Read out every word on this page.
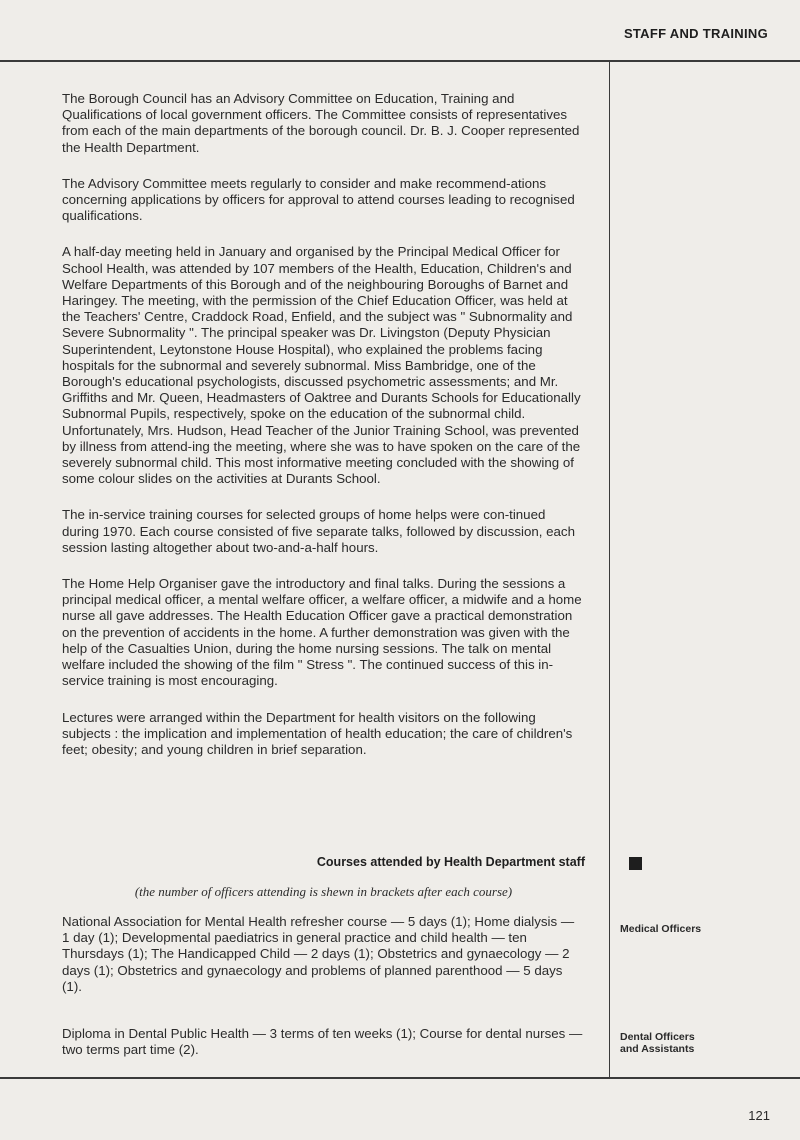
STAFF AND TRAINING

The Borough Council has an Advisory Committee on Education, Training and Qualifications of local government officers. The Committee consists of representatives from each of the main departments of the borough council. Dr. B. J. Cooper represented the Health Department.

The Advisory Committee meets regularly to consider and make recommend-ations concerning applications by officers for approval to attend courses leading to recognised qualifications.

A half-day meeting held in January and organised by the Principal Medical Officer for School Health, was attended by 107 members of the Health, Education, Children's and Welfare Departments of this Borough and of the neighbouring Boroughs of Barnet and Haringey. The meeting, with the permission of the Chief Education Officer, was held at the Teachers' Centre, Craddock Road, Enfield, and the subject was " Subnormality and Severe Subnormality ". The principal speaker was Dr. Livingston (Deputy Physician Superintendent, Leytonstone House Hospital), who explained the problems facing hospitals for the subnormal and severely subnormal. Miss Bambridge, one of the Borough's educational psychologists, discussed psychometric assessments; and Mr. Griffiths and Mr. Queen, Headmasters of Oaktree and Durants Schools for Educationally Subnormal Pupils, respectively, spoke on the education of the subnormal child. Unfortunately, Mrs. Hudson, Head Teacher of the Junior Training School, was prevented by illness from attend-ing the meeting, where she was to have spoken on the care of the severely subnormal child. This most informative meeting concluded with the showing of some colour slides on the activities at Durants School.

The in-service training courses for selected groups of home helps were con-tinued during 1970. Each course consisted of five separate talks, followed by discussion, each session lasting altogether about two-and-a-half hours.

The Home Help Organiser gave the introductory and final talks. During the sessions a principal medical officer, a mental welfare officer, a welfare officer, a midwife and a home nurse all gave addresses. The Health Education Officer gave a practical demonstration on the prevention of accidents in the home. A further demonstration was given with the help of the Casualties Union, during the home nursing sessions. The talk on mental welfare included the showing of the film " Stress ". The continued success of this in-service training is most encouraging.

Lectures were arranged within the Department for health visitors on the following subjects : the implication and implementation of health education; the care of children's feet; obesity; and young children in brief separation.

Courses attended by Health Department staff
(the number of officers attending is shewn in brackets after each course)
National Association for Mental Health refresher course — 5 days (1); Home dialysis — 1 day (1); Developmental paediatrics in general practice and child health — ten Thursdays (1); The Handicapped Child — 2 days (1); Obstetrics and gynaecology — 2 days (1); Obstetrics and gynaecology and problems of planned parenthood — 5 days (1).
Diploma in Dental Public Health — 3 terms of ten weeks (1); Course for dental nurses — two terms part time (2).
Medical Officers
Dental Officers
and Assistants
121
